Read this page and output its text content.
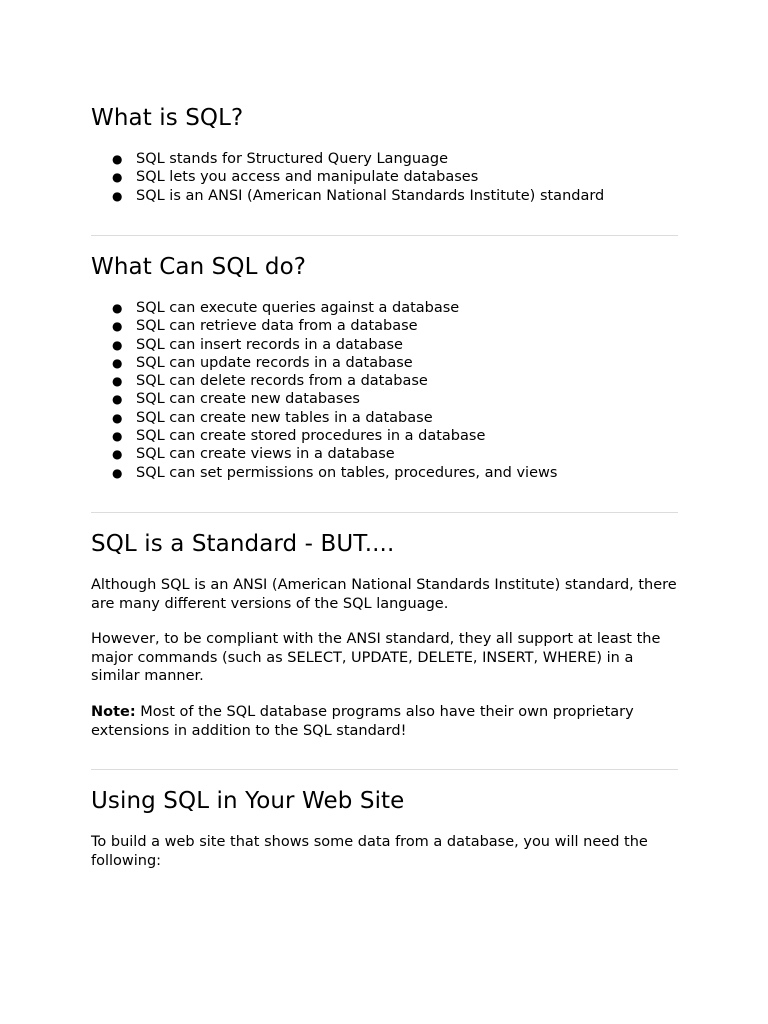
What is SQL?
● SQL stands for Structured Query Language
● SQL lets you access and manipulate databases
● SQL is an ANSI (American National Standards Institute) standard
What Can SQL do?
● SQL can execute queries against a database
● SQL can retrieve data from a database
● SQL can insert records in a database
● SQL can update records in a database
● SQL can delete records from a database
● SQL can create new databases
● SQL can create new tables in a database
● SQL can create stored procedures in a database
● SQL can create views in a database
● SQL can set permissions on tables, procedures, and views
SQL is a Standard - BUT....

Although SQL is an ANSI (American National Standards Institute) standard, there are many different versions of the SQL language.

However, to be compliant with the ANSI standard, they all support at least the major commands (such as SELECT, UPDATE, DELETE, INSERT, WHERE) in a similar manner.

Note: Most of the SQL database programs also have their own proprietary extensions in addition to the SQL standard!

Using SQL in Your Web Site

To build a web site that shows some data from a database, you will need the following:
